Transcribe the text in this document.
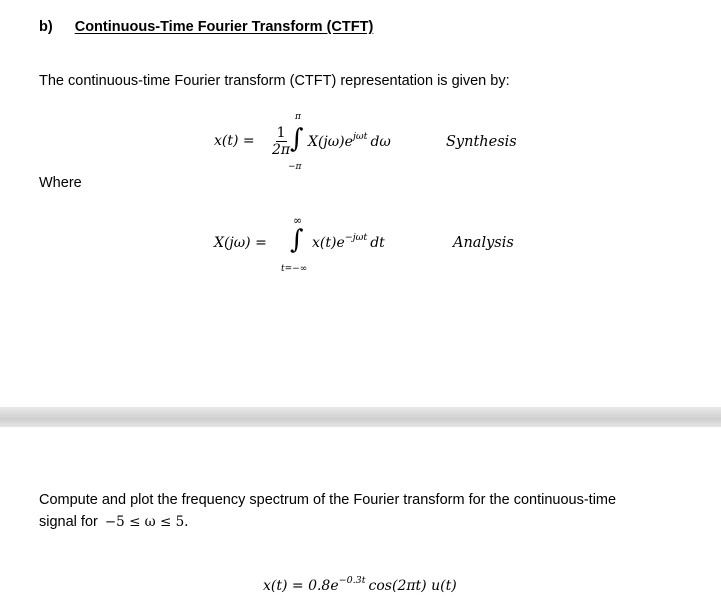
b) Continuous-Time Fourier Transform (CTFT)
The continuous-time Fourier transform (CTFT) representation is given by:
$x(t) = \frac{1}{2\pi}$
π
∫
−π
$X(j\omega)e^{j\omega t}$ dω	Synthesis
Where
∞
X(jω) = ∫
t=−∞
$x(t)e^{-j\omega t}$ dt	Analysis
Compute and plot the frequency spectrum of the Fourier transform for the continuous-time
signal for −5 ≤ ω ≤ 5.
$x(t) = 0.8e^{-0.3t}$ cos(2πt) u(t)
